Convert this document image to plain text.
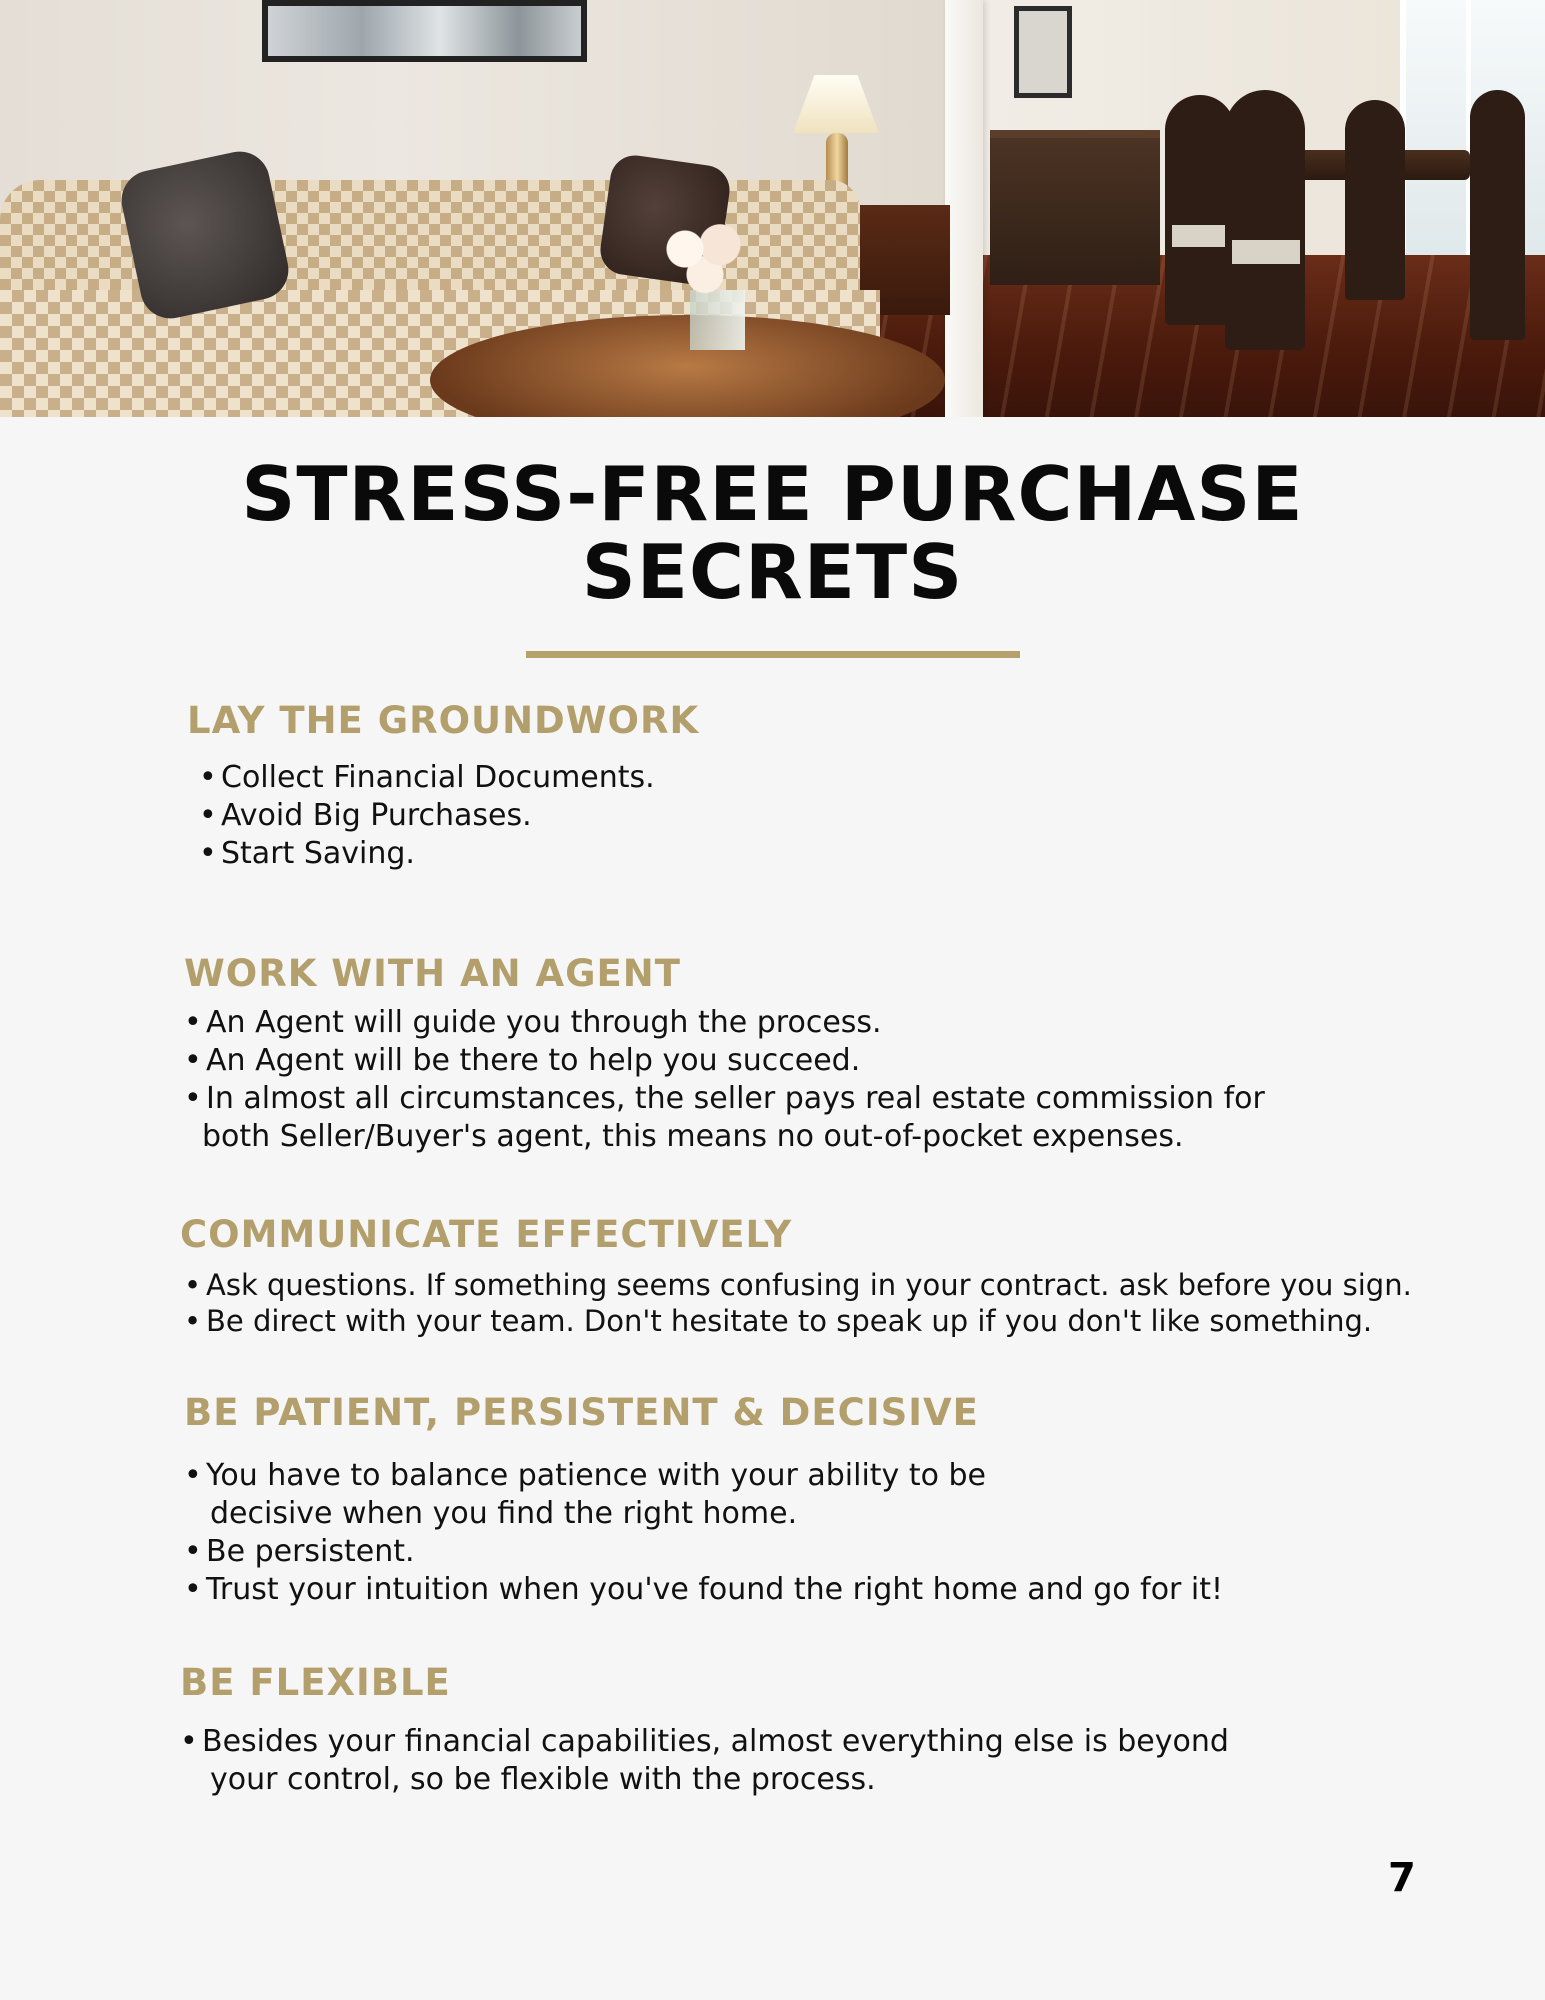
STRESS-FREE PURCHASE
SECRETS
LAY THE GROUNDWORK
• Collect Financial Documents.
• Avoid Big Purchases.
• Start Saving.
WORK WITH AN AGENT
• An Agent will guide you through the process.
• An Agent will be there to help you succeed.
• In almost all circumstances, the seller pays real estate commission for
both Seller/Buyer's agent, this means no out-of-pocket expenses.
COMMUNICATE EFFECTIVELY
• Ask questions. If something seems confusing in your contract. ask before you sign.
• Be direct with your team. Don't hesitate to speak up if you don't like something.
BE PATIENT, PERSISTENT & DECISIVE
• You have to balance patience with your ability to be
decisive when you find the right home.
• Be persistent.
• Trust your intuition when you've found the right home and go for it!
BE FLEXIBLE
• Besides your financial capabilities, almost everything else is beyond
your control, so be flexible with the process.
7
